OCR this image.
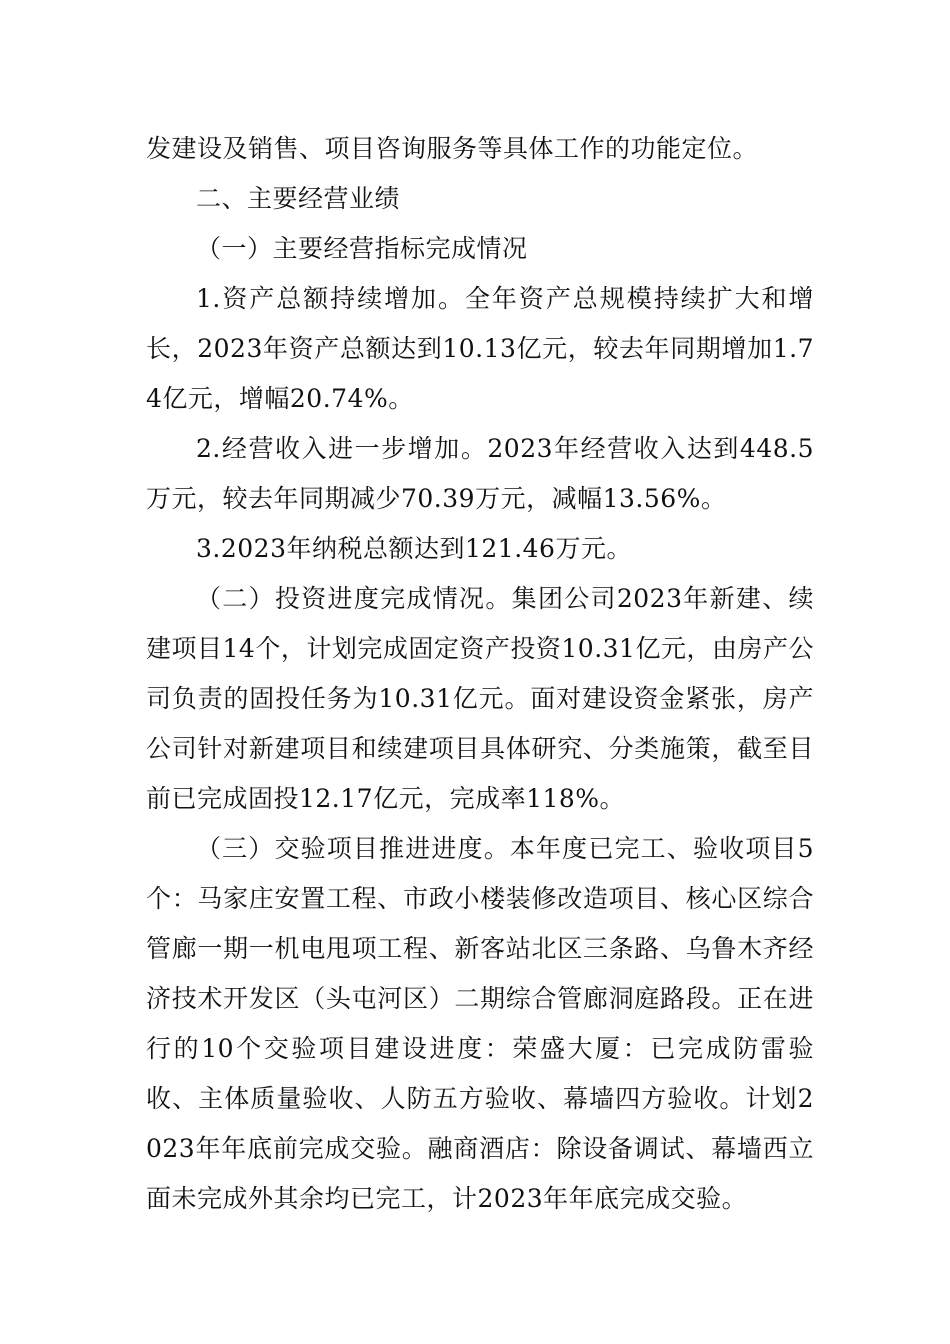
发建设及销售、项目咨询服务等具体工作的功能定位。

二、主要经营业绩

（一）主要经营指标完成情况

1.资产总额持续增加。全年资产总规模持续扩大和增长，2023年资产总额达到10.13亿元，较去年同期增加1.74亿元，增幅20.74%。

2.经营收入进一步增加。2023年经营收入达到448.5万元，较去年同期减少70.39万元，减幅13.56%。

3.2023年纳税总额达到121.46万元。

（二）投资进度完成情况。集团公司2023年新建、续建项目14个，计划完成固定资产投资10.31亿元，由房产公司负责的固投任务为10.31亿元。面对建设资金紧张，房产公司针对新建项目和续建项目具体研究、分类施策，截至目前已完成固投12.17亿元，完成率118%。

（三）交验项目推进进度。本年度已完工、验收项目5个：马家庄安置工程、市政小楼装修改造项目、核心区综合管廊一期一机电甩项工程、新客站北区三条路、乌鲁木齐经济技术开发区（头屯河区）二期综合管廊洞庭路段。正在进行的10个交验项目建设进度：荣盛大厦：已完成防雷验收、主体质量验收、人防五方验收、幕墙四方验收。计划2023年年底前完成交验。融商酒店：除设备调试、幕墙西立面未完成外其余均已完工，计2023年年底完成交验。
